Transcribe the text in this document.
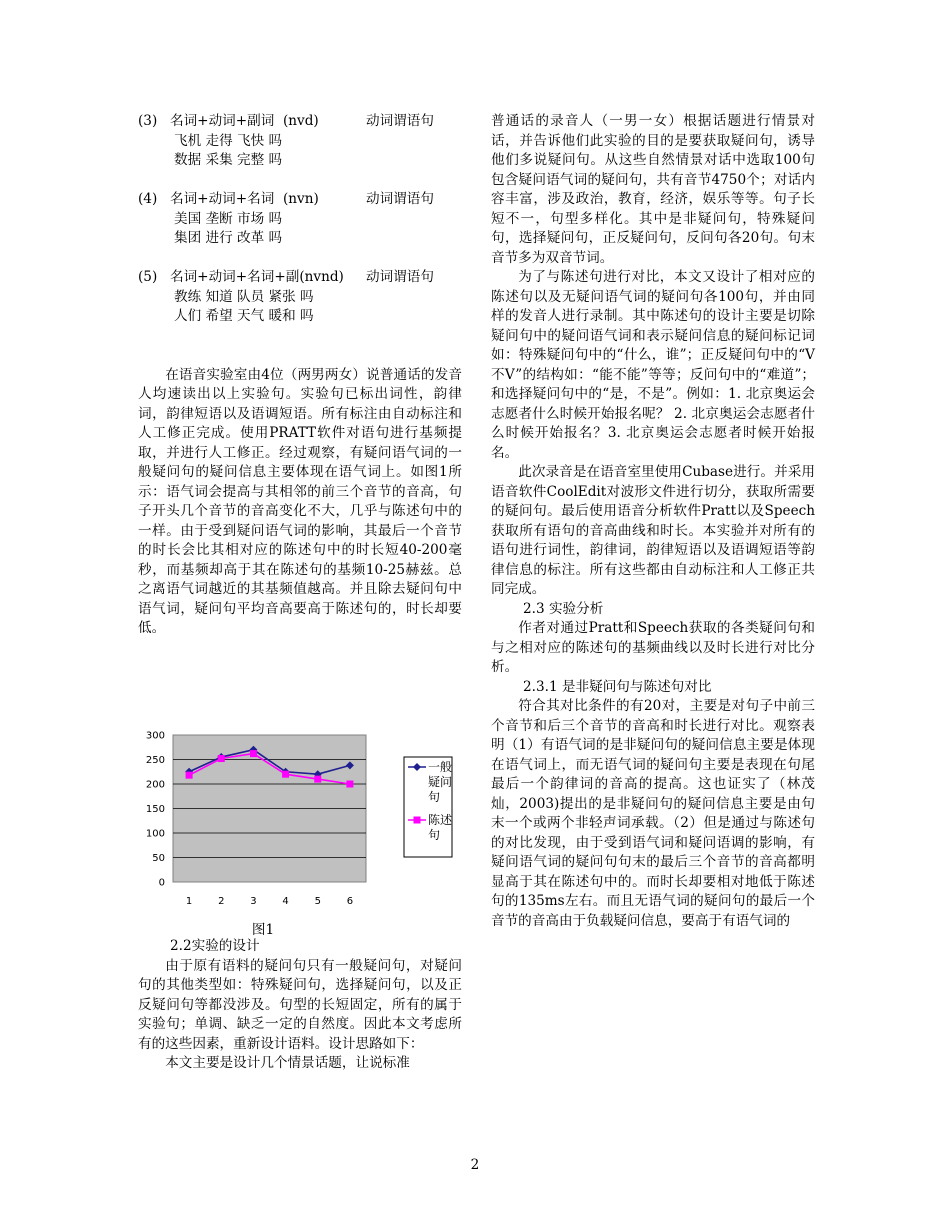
(3) 名词+动词+副词  (nvd)	动词谓语句
飞机 走得 飞快 吗
数据 采集 完整 吗
(4) 名词+动词+名词  (nvn)	动词谓语句
美国 垄断 市场 吗
集团 进行 改革 吗
(5) 名词+动词+名词+副(nvnd)	动词谓语句
教练 知道 队员 紧张 吗
人们 希望 天气 暖和 吗

在语音实验室由4位（两男两女）说普通话的发音人均速读出以上实验句。实验句已标出词性，韵律词，韵律短语以及语调短语。所有标注由自动标注和人工修正完成。使用PRATT软件对语句进行基频提取，并进行人工修正。经过观察，有疑问语气词的一般疑问句的疑问信息主要体现在语气词上。如图1所示：语气词会提高与其相邻的前三个音节的音高，句子开头几个音节的音高变化不大，几乎与陈述句中的一样。由于受到疑问语气词的影响，其最后一个音节的时长会比其相对应的陈述句中的时长短40-200毫秒，而基频却高于其在陈述句的基频10-25赫兹。总之离语气词越近的其基频值越高。并且除去疑问句中语气词，疑问句平均音高要高于陈述句的，时长却要低。

0
50
100
150
200
250
300
1	2	3	4	5	6
一般
疑问
句
陈述
句
图1
2.2实验的设计

由于原有语料的疑问句只有一般疑问句，对疑问句的其他类型如：特殊疑问句，选择疑问句，以及正反疑问句等都没涉及。句型的长短固定，所有的属于实验句；单调、缺乏一定的自然度。因此本文考虑所有的这些因素，重新设计语料。设计思路如下：

本文主要是设计几个情景话题，让说标准

普通话的录音人（一男一女）根据话题进行情景对话，并告诉他们此实验的目的是要获取疑问句，诱导他们多说疑问句。从这些自然情景对话中选取100句包含疑问语气词的疑问句，共有音节4750个；对话内容丰富，涉及政治，教育，经济，娱乐等等。句子长短不一，句型多样化。其中是非疑问句，特殊疑问句，选择疑问句，正反疑问句，反问句各20句。句末音节多为双音节词。

为了与陈述句进行对比，本文又设计了相对应的陈述句以及无疑问语气词的疑问句各100句，并由同样的发音人进行录制。其中陈述句的设计主要是切除疑问句中的疑问语气词和表示疑问信息的疑问标记词如：特殊疑问句中的“什么，谁”；正反疑问句中的“V不V”的结构如：“能不能”等等；反问句中的“难道”；和选择疑问句中的“是，不是”。例如：1. 北京奥运会志愿者什么时候开始报名呢？ 2. 北京奥运会志愿者什么时候开始报名？3. 北京奥运会志愿者时候开始报名。

此次录音是在语音室里使用Cubase进行。并采用语音软件CoolEdit对波形文件进行切分，获取所需要的疑问句。最后使用语音分析软件Pratt以及Speech获取所有语句的音高曲线和时长。本实验并对所有的语句进行词性，韵律词，韵律短语以及语调短语等韵律信息的标注。所有这些都由自动标注和人工修正共同完成。

2.3 实验分析

作者对通过Pratt和Speech获取的各类疑问句和与之相对应的陈述句的基频曲线以及时长进行对比分析。

2.3.1 是非疑问句与陈述句对比

符合其对比条件的有20对，主要是对句子中前三个音节和后三个音节的音高和时长进行对比。观察表明（1）有语气词的是非疑问句的疑问信息主要是体现在语气词上，而无语气词的疑问句主要是表现在句尾最后一个韵律词的音高的提高。这也证实了（林茂灿，2003)提出的是非疑问句的疑问信息主要是由句末一个或两个非轻声词承载。（2）但是通过与陈述句的对比发现，由于受到语气词和疑问语调的影响，有疑问语气词的疑问句句末的最后三个音节的音高都明显高于其在陈述句中的。而时长却要相对地低于陈述句的135ms左右。而且无语气词的疑问句的最后一个音节的音高由于负载疑问信息，要高于有语气词的

2
